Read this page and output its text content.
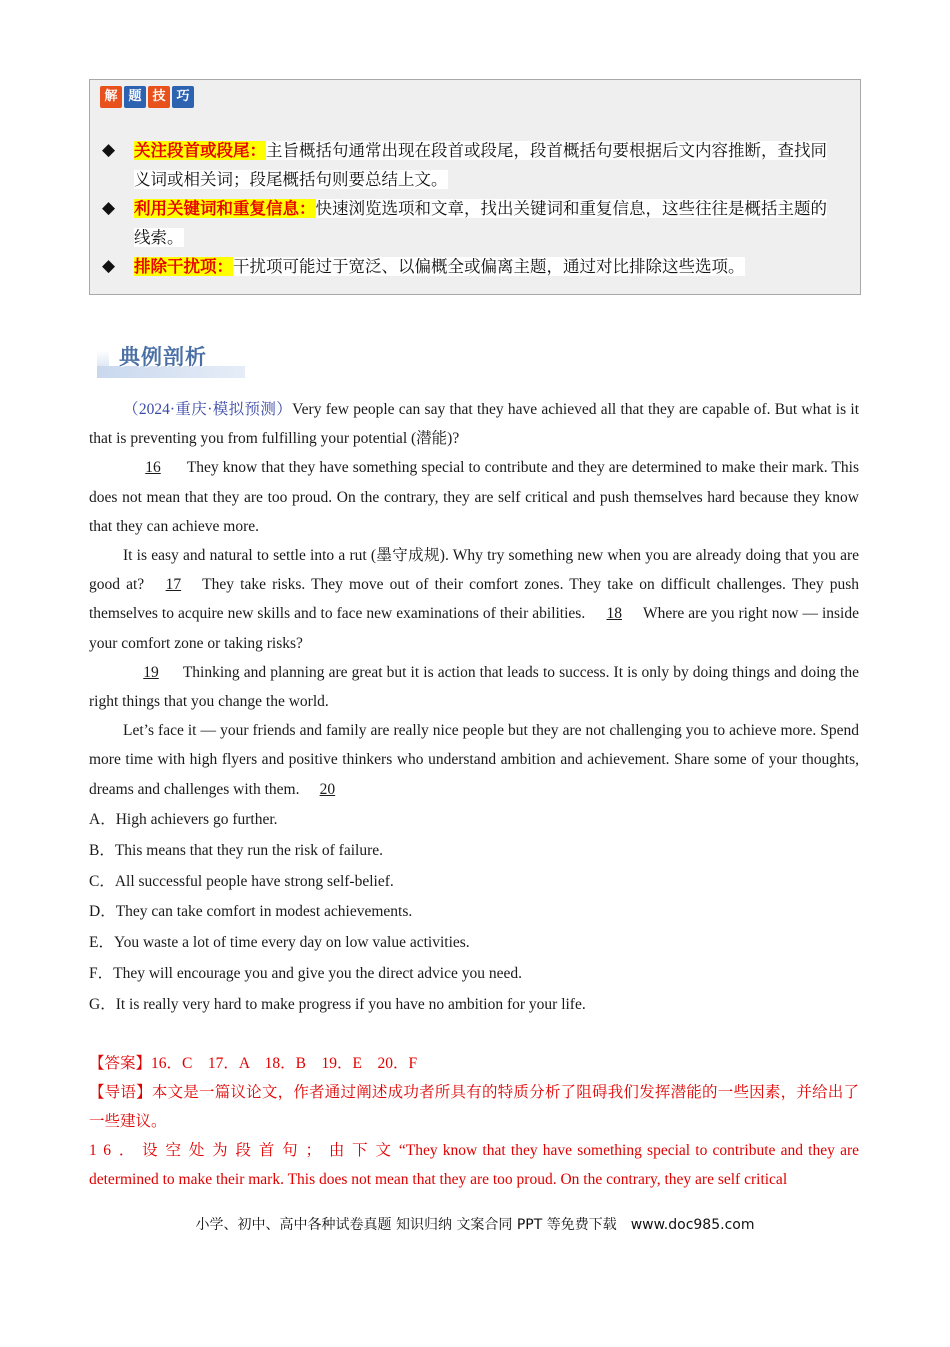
解 题 技 巧
◆	关注段首或段尾：主旨概括句通常出现在段首或段尾，段首概括句要根据后文内容推断，查找同义词或相关词；段尾概括句则要总结上文。
◆	利用关键词和重复信息：快速浏览选项和文章，找出关键词和重复信息，这些往往是概括主题的线索。
◆	排除干扰项：干扰项可能过于宽泛、以偏概全或偏离主题，通过对比排除这些选项。
典例剖析

（2024·重庆·模拟预测）Very few people can say that they have achieved all that they are capable of. But what is it that is preventing you from fulfilling your potential (潜能)?

16 They know that they have something special to contribute and they are determined to make their mark. This does not mean that they are too proud. On the contrary, they are self critical and push themselves hard because they know that they can achieve more.

It is easy and natural to settle into a rut (墨守成规). Why try something new when you are already doing that you are good at? 17 They take risks. They move out of their comfort zones. They take on difficult challenges. They push themselves to acquire new skills and to face new examinations of their abilities. 18 Where are you right now — inside your comfort zone or taking risks?

19 Thinking and planning are great but it is action that leads to success. It is only by doing things and doing the right things that you change the world.

Let’s face it — your friends and family are really nice people but they are not challenging you to achieve more. Spend more time with high flyers and positive thinkers who understand ambition and achievement. Share some of your thoughts, dreams and challenges with them. 20

A．High achievers go further.
B．This means that they run the risk of failure.
C．All successful people have strong self-belief.
D．They can take comfort in modest achievements.
E．You waste a lot of time every day on low value activities.
F．They will encourage you and give you the direct advice you need.
G．It is really very hard to make progress if you have no ambition for your life.

【答案】16．C　17．A　18．B　19．E　20．F

【导语】本文是一篇议论文，作者通过阐述成功者所具有的特质分析了阻碍我们发挥潜能的一些因素，并给出了一些建议。

16．设空处为段首句；由下文“They know that they have something special to contribute and they are determined to make their mark. This does not mean that they are too proud. On the contrary, they are self critical

小学、初中、高中各种试卷真题 知识归纳 文案合同 PPT 等免费下载　www.doc985.com
